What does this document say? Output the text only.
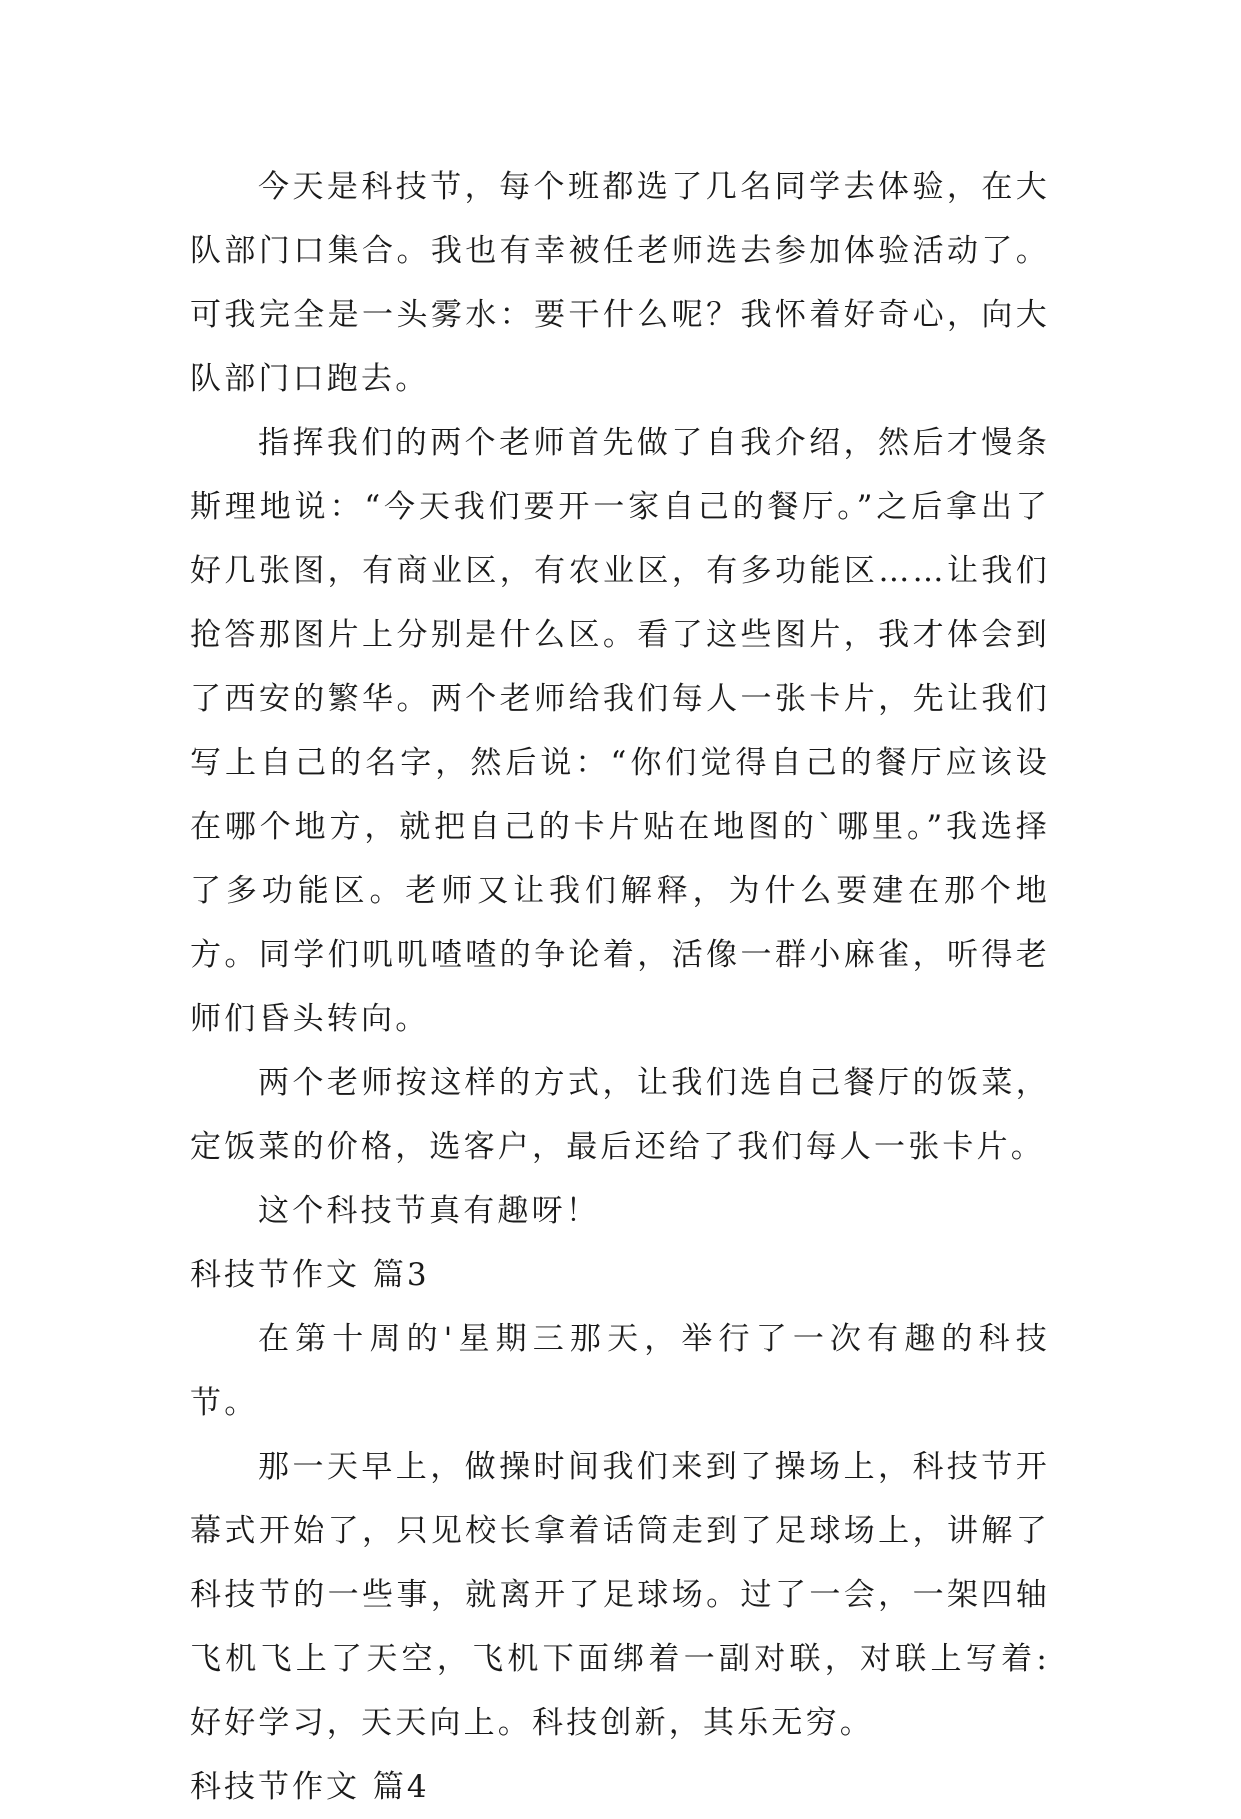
今天是科技节，每个班都选了几名同学去体验，在大队部门口集合。我也有幸被任老师选去参加体验活动了。可我完全是一头雾水：要干什么呢？我怀着好奇心，向大队部门口跑去。

指挥我们的两个老师首先做了自我介绍，然后才慢条斯理地说：“今天我们要开一家自己的餐厅。”之后拿出了好几张图，有商业区，有农业区，有多功能区……让我们抢答那图片上分别是什么区。看了这些图片，我才体会到了西安的繁华。两个老师给我们每人一张卡片，先让我们写上自己的名字，然后说：“你们觉得自己的餐厅应该设在哪个地方，就把自己的卡片贴在地图的`哪里。”我选择了多功能区。老师又让我们解释，为什么要建在那个地方。同学们叽叽喳喳的争论着，活像一群小麻雀，听得老师们昏头转向。

两个老师按这样的方式，让我们选自己餐厅的饭菜，定饭菜的价格，选客户，最后还给了我们每人一张卡片。

这个科技节真有趣呀！

科技节作文 篇3

在第十周的'星期三那天，举行了一次有趣的科技节。

那一天早上，做操时间我们来到了操场上，科技节开幕式开始了，只见校长拿着话筒走到了足球场上，讲解了科技节的一些事，就离开了足球场。过了一会，一架四轴飞机飞上了天空，飞机下面绑着一副对联，对联上写着: 好好学习，天天向上。科技创新，其乐无穷。

科技节作文 篇4
